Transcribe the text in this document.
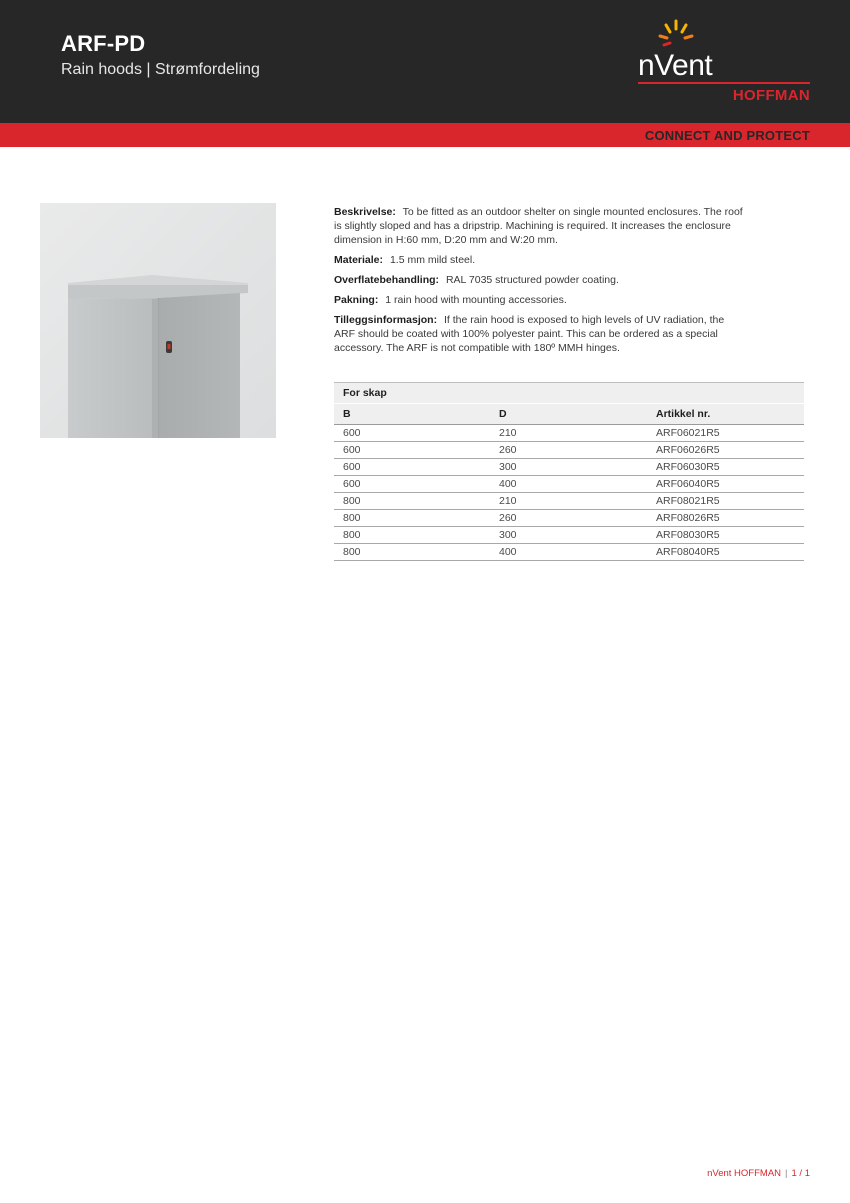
ARF-PD
Rain hoods | Strømfordeling	nVent
HOFFMAN
CONNECT AND PROTECT

Beskrivelse: To be fitted as an outdoor shelter on single mounted enclosures. The roof is slightly sloped and has a dripstrip. Machining is required. It increases the enclosure dimension in H:60 mm, D:20 mm and W:20 mm.

Materiale: 1.5 mm mild steel.

Overflatebehandling: RAL 7035 structured powder coating.

Pakning: 1 rain hood with mounting accessories.

Tilleggsinformasjon: If the rain hood is exposed to high levels of UV radiation, the ARF should be coated with 100% polyester paint. This can be ordered as a special accessory. The ARF is not compatible with 180º MMH hinges.

For skap		
B	D	Artikkel nr.
600	210	ARF06021R5
600	260	ARF06026R5
600	300	ARF06030R5
600	400	ARF06040R5
800	210	ARF08021R5
800	260	ARF08026R5
800	300	ARF08030R5
800	400	ARF08040R5
nVent HOFFMAN | 1 / 1
